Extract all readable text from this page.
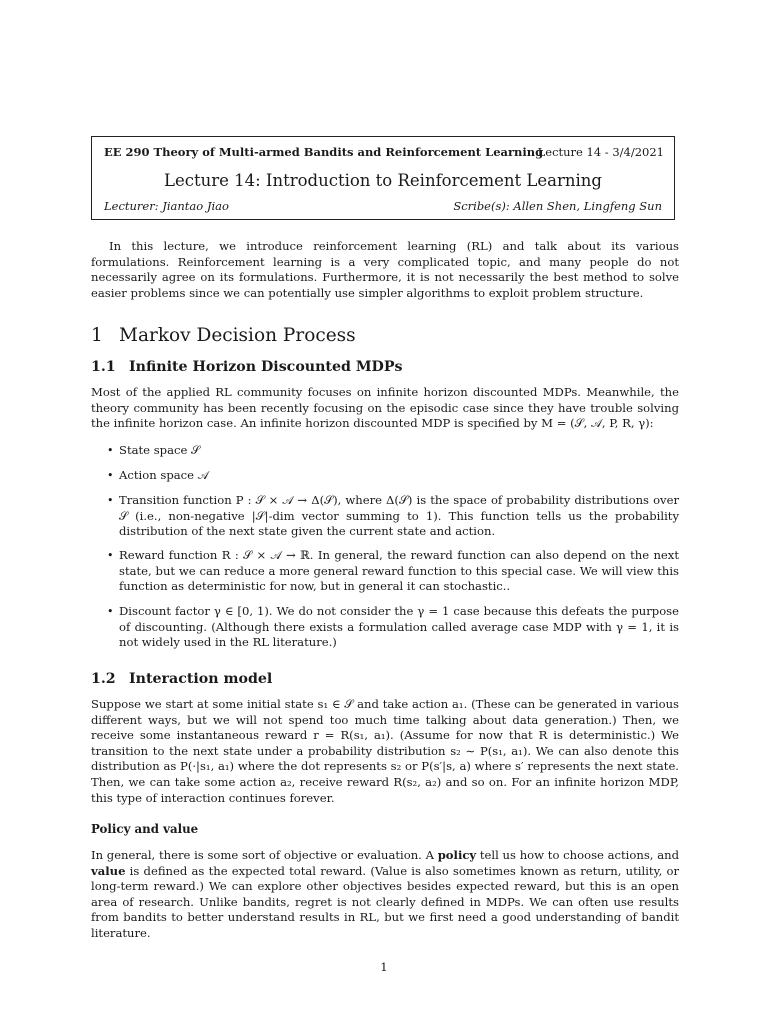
EE 290 Theory of Multi-armed Bandits and Reinforcement Learning
Lecture 14 - 3/4/2021
Lecture 14: Introduction to Reinforcement Learning
Lecturer: Jiantao Jiao	Scribe(s): Allen Shen, Lingfeng Sun

In this lecture, we introduce reinforcement learning (RL) and talk about its various formulations. Reinforcement learning is a very complicated topic, and many people do not necessarily agree on its formulations. Furthermore, it is not necessarily the best method to solve easier problems since we can potentially use simpler algorithms to exploit problem structure.

1 Markov Decision Process
1.1 Infinite Horizon Discounted MDPs

Most of the applied RL community focuses on infinite horizon discounted MDPs. Meanwhile, the theory community has been recently focusing on the episodic case since they have trouble solving the infinite horizon case. An infinite horizon discounted MDP is specified by M = (𝒮, 𝒜, P, R, γ):

• State space 𝒮
• Action space 𝒜
• Transition function P : 𝒮 × 𝒜 → Δ(𝒮), where Δ(𝒮) is the space of probability distributions over 𝒮 (i.e., non-negative |𝒮|-dim vector summing to 1). This function tells us the probability distribution of the next state given the current state and action.
• Reward function R : 𝒮 × 𝒜 → ℝ. In general, the reward function can also depend on the next state, but we can reduce a more general reward function to this special case. We will view this function as deterministic for now, but in general it can stochastic..
• Discount factor γ ∈ [0, 1). We do not consider the γ = 1 case because this defeats the purpose of discounting. (Although there exists a formulation called average case MDP with γ = 1, it is not widely used in the RL literature.)
1.2 Interaction model

Suppose we start at some initial state s₁ ∈ 𝒮 and take action a₁. (These can be generated in various different ways, but we will not spend too much time talking about data generation.) Then, we receive some instantaneous reward r = R(s₁, a₁). (Assume for now that R is deterministic.) We transition to the next state under a probability distribution s₂ ∼ P(s₁, a₁). We can also denote this distribution as P(·|s₁, a₁) where the dot represents s₂ or P(s′|s, a) where s′ represents the next state. Then, we can take some action a₂, receive reward R(s₂, a₂) and so on. For an infinite horizon MDP, this type of interaction continues forever.

Policy and value

In general, there is some sort of objective or evaluation. A policy tell us how to choose actions, and value is defined as the expected total reward. (Value is also sometimes known as return, utility, or long-term reward.) We can explore other objectives besides expected reward, but this is an open area of research. Unlike bandits, regret is not clearly defined in MDPs. We can often use results from bandits to better understand results in RL, but we first need a good understanding of bandit literature.

1
